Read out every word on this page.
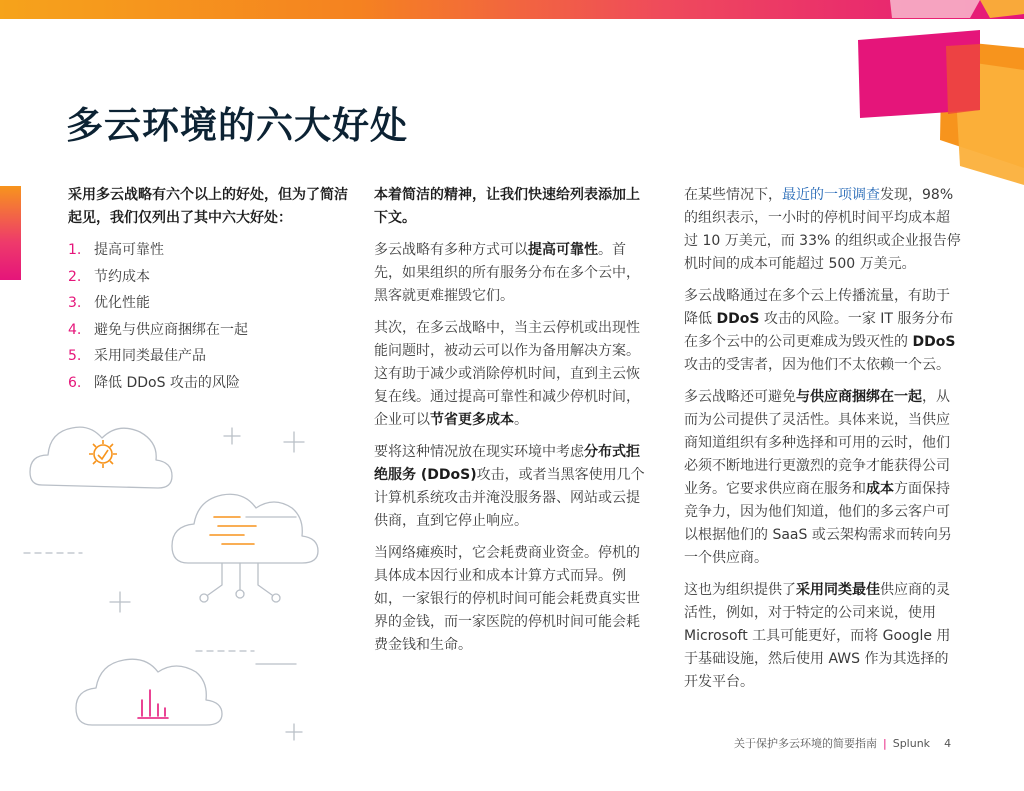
多云环境的六大好处

采用多云战略有六个以上的好处，但为了简洁起见，我们仅列出了其中六大好处：

1. 提高可靠性
2. 节约成本
3. 优化性能
4. 避免与供应商捆绑在一起
5. 采用同类最佳产品
6. 降低 DDoS 攻击的风险

本着简洁的精神，让我们快速给列表添加上下文。

多云战略有多种方式可以提高可靠性。首先，如果组织的所有服务分布在多个云中，黑客就更难摧毁它们。

其次，在多云战略中，当主云停机或出现性能问题时，被动云可以作为备用解决方案。这有助于减少或消除停机时间，直到主云恢复在线。通过提高可靠性和减少停机时间，企业可以节省更多成本。

要将这种情况放在现实环境中考虑分布式拒绝服务 (DDoS)攻击，或者当黑客使用几个计算机系统攻击并淹没服务器、网站或云提供商，直到它停止响应。

当网络瘫痪时，它会耗费商业资金。停机的具体成本因行业和成本计算方式而异。例如，一家银行的停机时间可能会耗费真实世界的金钱，而一家医院的停机时间可能会耗费金钱和生命。

在某些情况下，最近的一项调查发现，98% 的组织表示，一小时的停机时间平均成本超过 10 万美元，而 33% 的组织或企业报告停机时间的成本可能超过 500 万美元。

多云战略通过在多个云上传播流量，有助于降低 DDoS 攻击的风险。一家 IT 服务分布在多个云中的公司更难成为毁灭性的 DDoS 攻击的受害者，因为他们不太依赖一个云。

多云战略还可避免与供应商捆绑在一起，从而为公司提供了灵活性。具体来说，当供应商知道组织有多种选择和可用的云时，他们必须不断地进行更激烈的竞争才能获得公司业务。它要求供应商在服务和成本方面保持竞争力，因为他们知道，他们的多云客户可以根据他们的 SaaS 或云架构需求而转向另一个供应商。

这也为组织提供了采用同类最佳供应商的灵活性，例如，对于特定的公司来说，使用 Microsoft 工具可能更好，而将 Google 用于基础设施，然后使用 AWS 作为其选择的开发平台。

关于保护多云环境的简要指南 | Splunk 4
